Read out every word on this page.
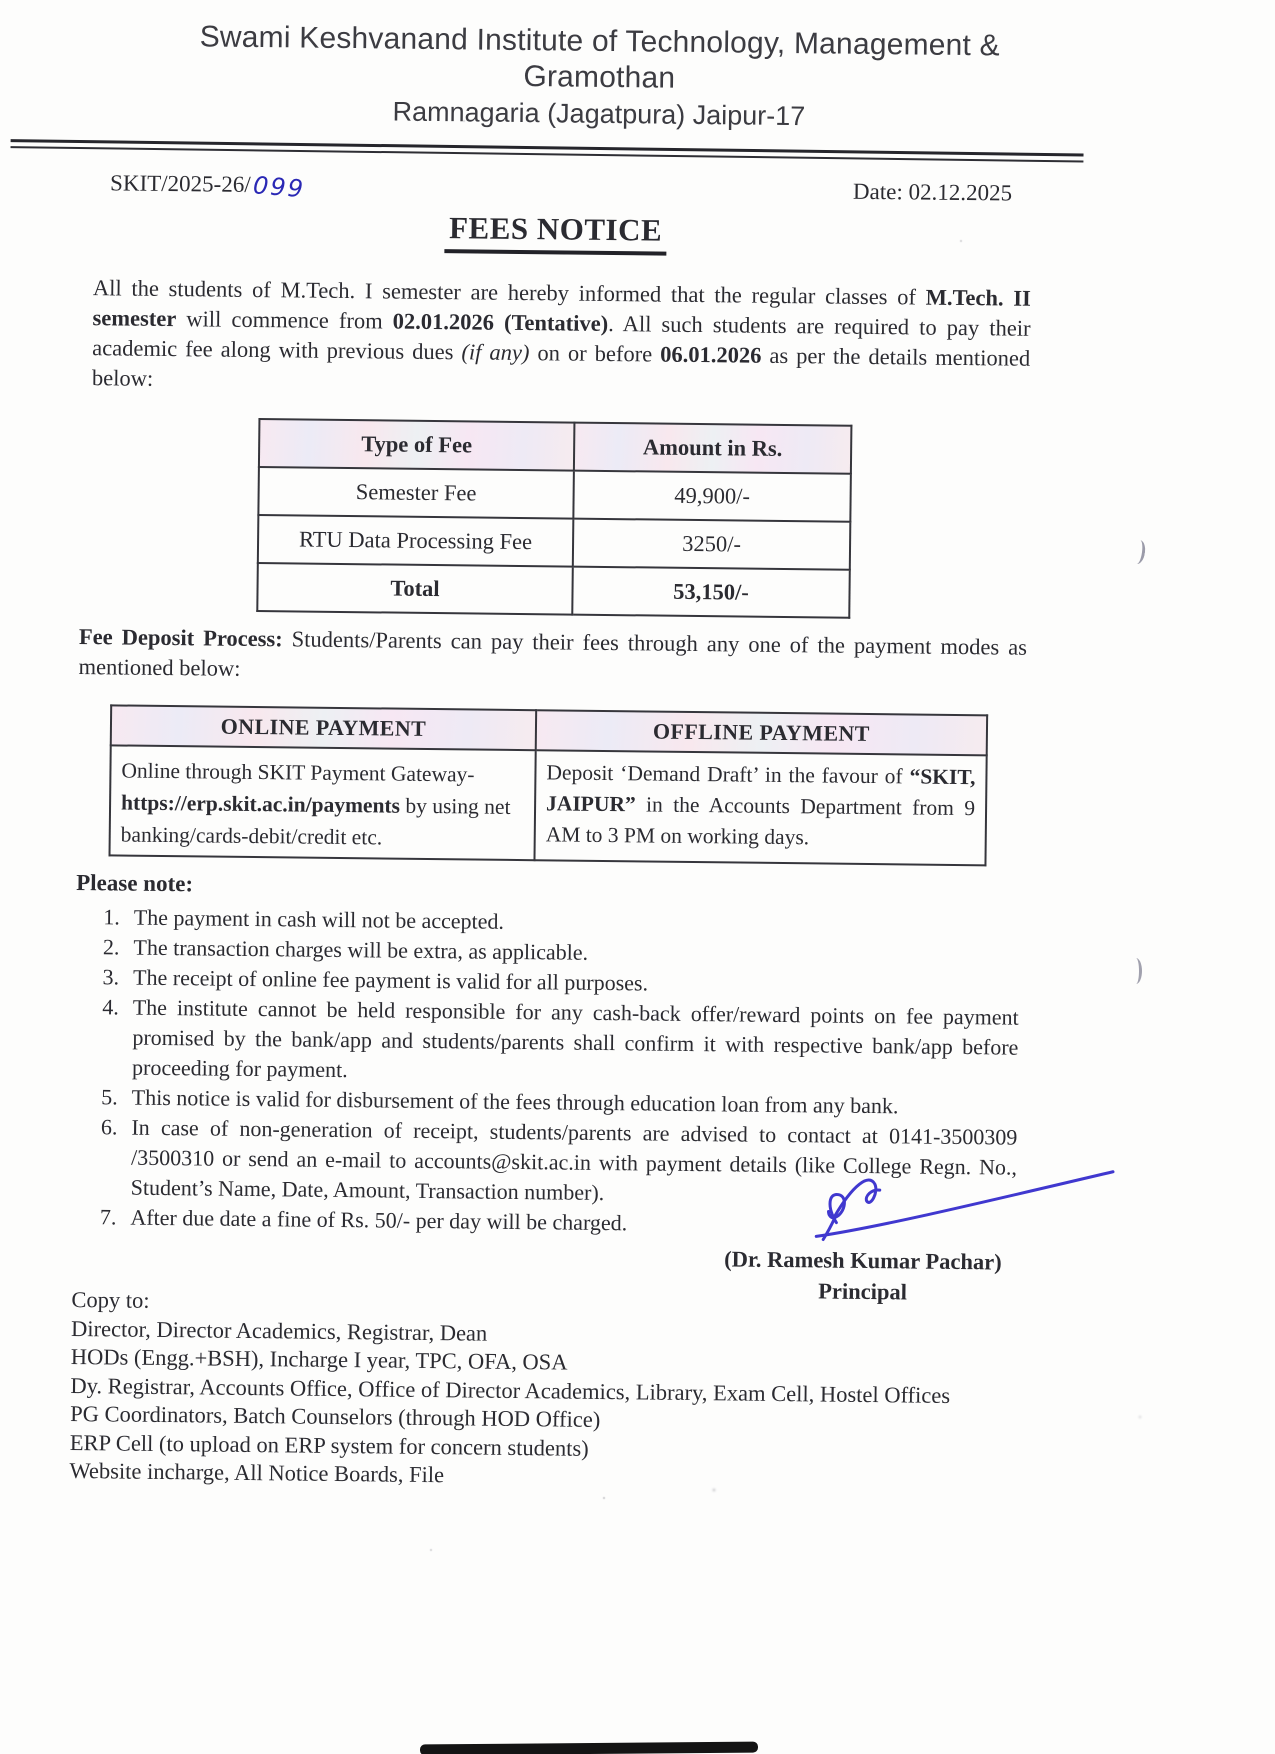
Swami Keshvanand Institute of Technology, Management & Gramothan
Ramnagaria (Jagatpura) Jaipur-17
SKIT/2025-26/099	Date: 02.12.2025
FEES NOTICE

All the students of M.Tech. I semester are hereby informed that the regular classes of M.Tech. II semester will commence from 02.01.2026 (Tentative). All such students are required to pay their academic fee along with previous dues (if any) on or before 06.01.2026 as per the details mentioned below:

Type of Fee	Amount in Rs.
Semester Fee	49,900/-
RTU Data Processing Fee	3250/-
Total	53,150/-

Fee Deposit Process: Students/Parents can pay their fees through any one of the payment modes as mentioned below:

ONLINE PAYMENT	OFFLINE PAYMENT
Online through SKIT Payment Gateway- https://erp.skit.ac.in/payments by using net banking/cards-debit/credit etc.	Deposit ‘Demand Draft’ in the favour of “SKIT, JAIPUR” in the Accounts Department from 9 AM to 3 PM on working days.
Please note:
1. The payment in cash will not be accepted.
2. The transaction charges will be extra, as applicable.
3. The receipt of online fee payment is valid for all purposes.
4. The institute cannot be held responsible for any cash-back offer/reward points on fee payment promised by the bank/app and students/parents shall confirm it with respective bank/app before proceeding for payment.
5. This notice is valid for disbursement of the fees through education loan from any bank.
6. In case of non-generation of receipt, students/parents are advised to contact at 0141-3500309 /3500310 or send an e-mail to accounts@skit.ac.in with payment details (like College Regn. No., Student’s Name, Date, Amount, Transaction number).
7. After due date a fine of Rs. 50/- per day will be charged.
(Dr. Ramesh Kumar Pachar)
Principal
Copy to:
Director, Director Academics, Registrar, Dean
HODs (Engg.+BSH), Incharge I year, TPC, OFA, OSA
Dy. Registrar, Accounts Office, Office of Director Academics, Library, Exam Cell, Hostel Offices
PG Coordinators, Batch Counselors (through HOD Office)
ERP Cell (to upload on ERP system for concern students)
Website incharge, All Notice Boards, File
